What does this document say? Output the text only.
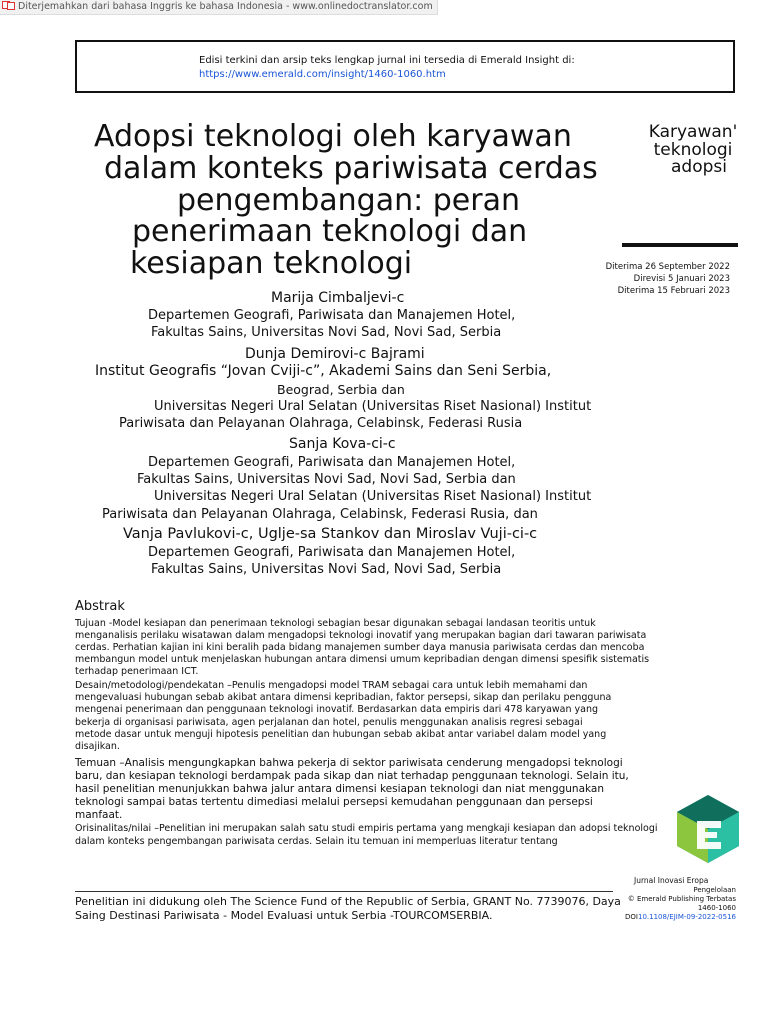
Diterjemahkan dari bahasa Inggris ke bahasa Indonesia - www.onlinedoctranslator.com
Edisi terkini dan arsip teks lengkap jurnal ini tersedia di Emerald Insight di:
https://www.emerald.com/insight/1460-1060.htm
Adopsi teknologi oleh karyawan
dalam konteks pariwisata cerdas
pengembangan: peran
penerimaan teknologi dan
kesiapan teknologi
Karyawan'
teknologi
adopsi
Diterima 26 September 2022
Direvisi 5 Januari 2023
Diterima 15 Februari 2023
Marija Cimbaljevi-c
Departemen Geografi, Pariwisata dan Manajemen Hotel,
Fakultas Sains, Universitas Novi Sad, Novi Sad, Serbia
Dunja Demirovi-c Bajrami
Institut Geografis “Jovan Cviji-c”, Akademi Sains dan Seni Serbia,
Beograd, Serbia dan
Universitas Negeri Ural Selatan (Universitas Riset Nasional) Institut
Pariwisata dan Pelayanan Olahraga, Celabinsk, Federasi Rusia
Sanja Kova-ci-c
Departemen Geografi, Pariwisata dan Manajemen Hotel,
Fakultas Sains, Universitas Novi Sad, Novi Sad, Serbia dan
Universitas Negeri Ural Selatan (Universitas Riset Nasional) Institut
Pariwisata dan Pelayanan Olahraga, Celabinsk, Federasi Rusia, dan
Vanja Pavlukovi-c, Uglje-sa Stankov dan Miroslav Vuji-ci-c
Departemen Geografi, Pariwisata dan Manajemen Hotel,
Fakultas Sains, Universitas Novi Sad, Novi Sad, Serbia
Abstrak
Tujuan -Model kesiapan dan penerimaan teknologi sebagian besar digunakan sebagai landasan teoritis untuk
menganalisis perilaku wisatawan dalam mengadopsi teknologi inovatif yang merupakan bagian dari tawaran pariwisata
cerdas. Perhatian kajian ini kini beralih pada bidang manajemen sumber daya manusia pariwisata cerdas dan mencoba
membangun model untuk menjelaskan hubungan antara dimensi umum kepribadian dengan dimensi spesifik sistematis
terhadap penerimaan ICT.
Desain/metodologi/pendekatan –Penulis mengadopsi model TRAM sebagai cara untuk lebih memahami dan
mengevaluasi hubungan sebab akibat antara dimensi kepribadian, faktor persepsi, sikap dan perilaku pengguna
mengenai penerimaan dan penggunaan teknologi inovatif. Berdasarkan data empiris dari 478 karyawan yang
bekerja di organisasi pariwisata, agen perjalanan dan hotel, penulis menggunakan analisis regresi sebagai
metode dasar untuk menguji hipotesis penelitian dan hubungan sebab akibat antar variabel dalam model yang
disajikan.
Temuan –Analisis mengungkapkan bahwa pekerja di sektor pariwisata cenderung mengadopsi teknologi
baru, dan kesiapan teknologi berdampak pada sikap dan niat terhadap penggunaan teknologi. Selain itu,
hasil penelitian menunjukkan bahwa jalur antara dimensi kesiapan teknologi dan niat menggunakan
teknologi sampai batas tertentu dimediasi melalui persepsi kemudahan penggunaan dan persepsi
manfaat.
Orisinalitas/nilai –Penelitian ini merupakan salah satu studi empiris pertama yang mengkaji kesiapan dan adopsi teknologi
dalam konteks pengembangan pariwisata cerdas. Selain itu temuan ini memperluas literatur tentang
Penelitian ini didukung oleh The Science Fund of the Republic of Serbia, GRANT No. 7739076, Daya
Saing Destinasi Pariwisata - Model Evaluasi untuk Serbia -TOURCOMSERBIA.
Jurnal Inovasi Eropa
Pengelolaan
© Emerald Publishing Terbatas
1460-1060
DOI10.1108/EJIM-09-2022-0516
